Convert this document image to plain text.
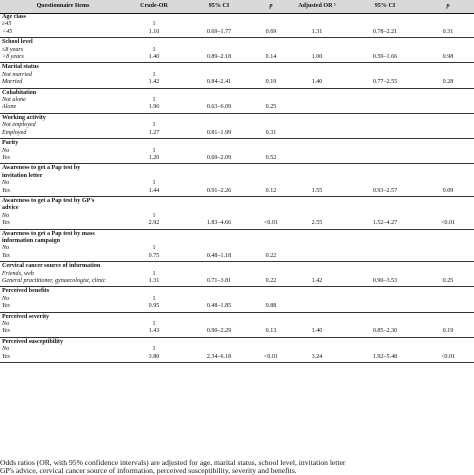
Questionnaire Items	Crude-OR	95% CI	p	Adjusted OR ¹	95% CI	p
Age class						
≥45	1					
<45	1.10	0.69–1.77	0.69	1.31	0.78–2.21	0.31
School level						
≤8 years	1					
>8 years	1.40	0.89–2.18	0.14	1.00	0.59–1.66	0.98
Marital status						
Not married	1					
Married	1.42	0.84–2.41	0.19	1.40	0.77–2.55	0.28
Cohabitation						
Not alone	1					
Alone	1.96	0.63–6.09	0.25			
Working activity						
Not employed	1					
Employed	1.27	0.81–1.99	0.31			
Parity						
No	1					
Yes	1.20	0.69–2.09	0.52			
Awareness to get a Pap test by
invitation letter						
No	1					
Yes	1.44	0.91–2.26	0.12	1.55	0.93–2.57	0.09
Awareness to get a Pap test by GP's
advice						
No	1					
Yes	2.92	1.83–4.66	<0.01	2.55	1.52–4.27	<0.01
Awareness to get a Pap test by mass
information campaign						
No	1					
Yes	0.75	0.48–1.18	0.22			
Cervical cancer source of information						
Friends, web	1					
General practitioner, gynaecologist, clinic	1.31	0.71–3.81	0.22	1.42	0.90–3.53	0.25
Perceived benefits						
No	1					
Yes	0.95	0.48–1.85	0.88			
Perceived severity						
No	1					
Yes	1.43	0.90–2.29	0.13	1.40	0.85–2.30	0.19
Perceived susceptibility						
No	1					
Yes	3.80	2.34–6.18	<0.01	3.24	1.92–5.48	<0.01
Odds ratios (OR, with 95% confidence intervals) are adjusted for age, marital status, school level, invitation letter
GP's advice, cervical cancer source of information, perceived susceptibility, severity and benefits.
